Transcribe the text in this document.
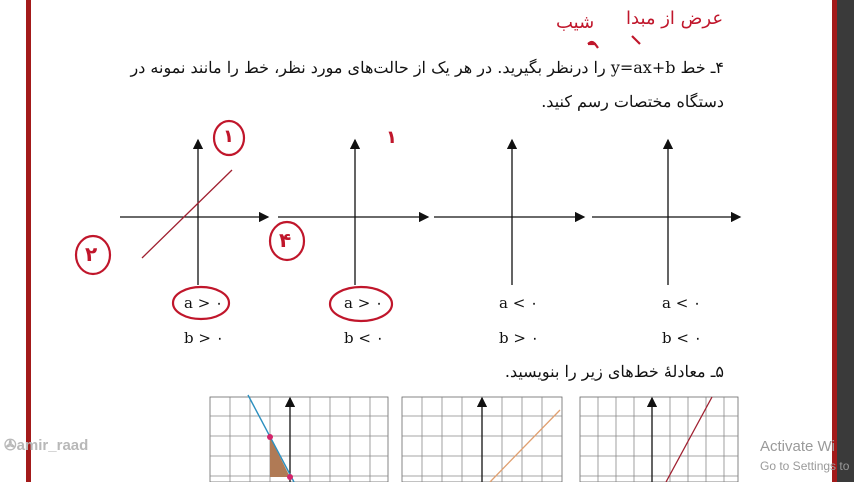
۴ـ خط y=ax+b را درنظر بگیرید. در هر یک از حالت‌های مورد نظر، خط را مانند نمونه در
دستگاه مختصات رسم کنید.
شیب عرض از مبدا
۱	۱
۲
۴
a > ۰
b > ۰
a > ۰
b < ۰
a < ۰
b > ۰
a < ۰
b < ۰
۵ـ معادلهٔ خط‌های زیر را بنویسید.
✇amir_raad	Activate Wi
Go to Settings to
